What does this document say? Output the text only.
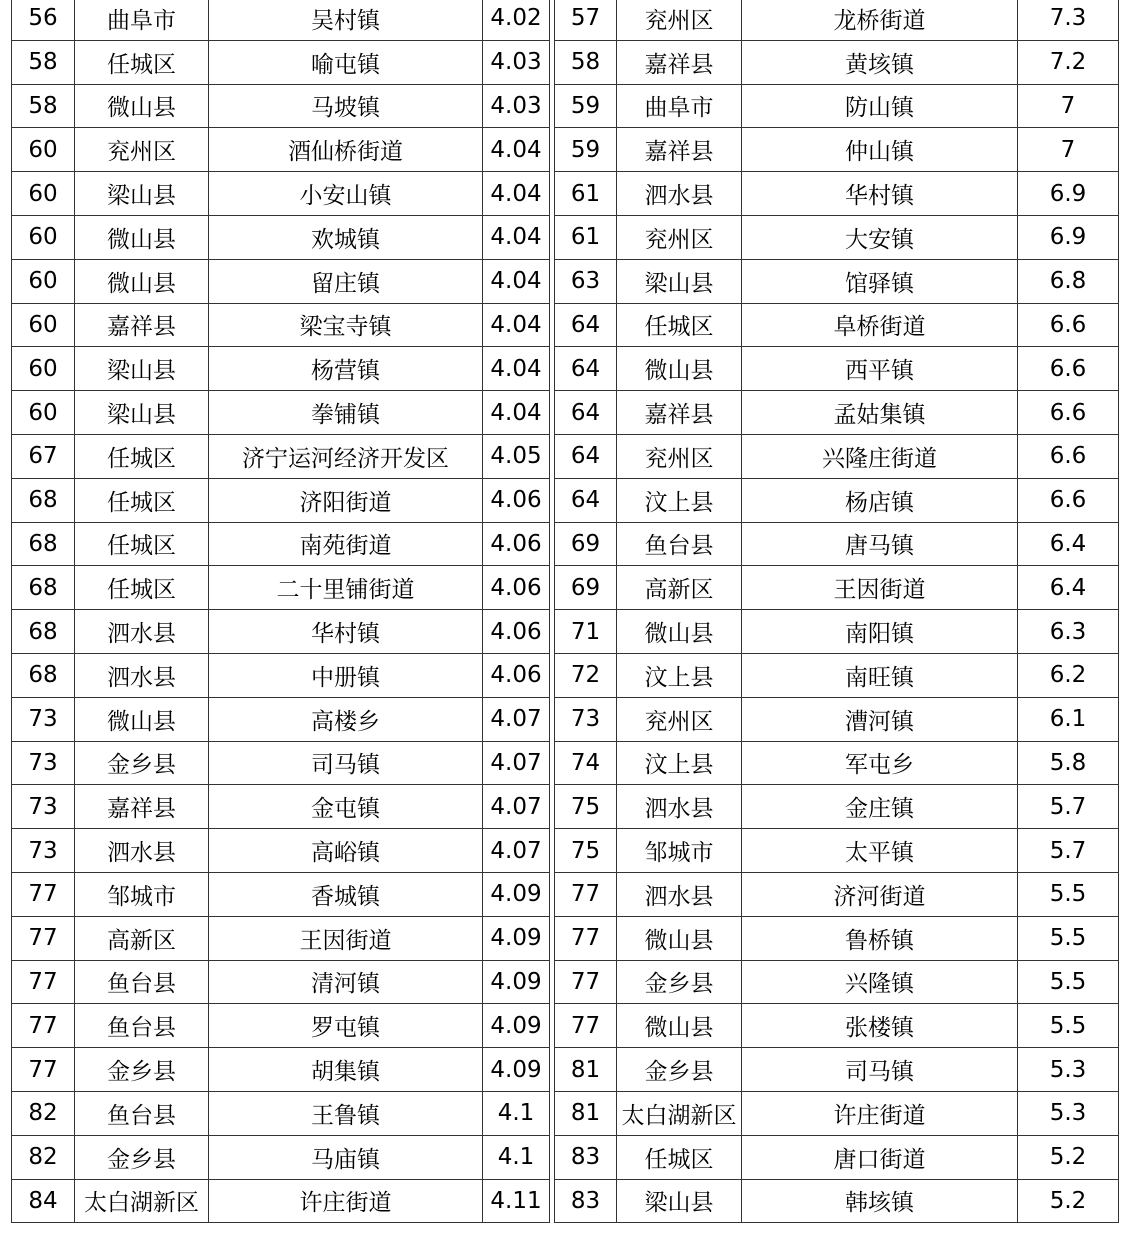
56	曲阜市	吴村镇	4.02
58	任城区	喻屯镇	4.03
58	微山县	马坡镇	4.03
60	兖州区	酒仙桥街道	4.04
60	梁山县	小安山镇	4.04
60	微山县	欢城镇	4.04
60	微山县	留庄镇	4.04
60	嘉祥县	梁宝寺镇	4.04
60	梁山县	杨营镇	4.04
60	梁山县	拳铺镇	4.04
67	任城区	济宁运河经济开发区	4.05
68	任城区	济阳街道	4.06
68	任城区	南苑街道	4.06
68	任城区	二十里铺街道	4.06
68	泗水县	华村镇	4.06
68	泗水县	中册镇	4.06
73	微山县	高楼乡	4.07
73	金乡县	司马镇	4.07
73	嘉祥县	金屯镇	4.07
73	泗水县	高峪镇	4.07
77	邹城市	香城镇	4.09
77	高新区	王因街道	4.09
77	鱼台县	清河镇	4.09
77	鱼台县	罗屯镇	4.09
77	金乡县	胡集镇	4.09
82	鱼台县	王鲁镇	4.1
82	金乡县	马庙镇	4.1
84	太白湖新区	许庄街道	4.11
57	兖州区	龙桥街道	7.3
58	嘉祥县	黄垓镇	7.2
59	曲阜市	防山镇	7
59	嘉祥县	仲山镇	7
61	泗水县	华村镇	6.9
61	兖州区	大安镇	6.9
63	梁山县	馆驿镇	6.8
64	任城区	阜桥街道	6.6
64	微山县	西平镇	6.6
64	嘉祥县	孟姑集镇	6.6
64	兖州区	兴隆庄街道	6.6
64	汶上县	杨店镇	6.6
69	鱼台县	唐马镇	6.4
69	高新区	王因街道	6.4
71	微山县	南阳镇	6.3
72	汶上县	南旺镇	6.2
73	兖州区	漕河镇	6.1
74	汶上县	军屯乡	5.8
75	泗水县	金庄镇	5.7
75	邹城市	太平镇	5.7
77	泗水县	济河街道	5.5
77	微山县	鲁桥镇	5.5
77	金乡县	兴隆镇	5.5
77	微山县	张楼镇	5.5
81	金乡县	司马镇	5.3
81	太白湖新区	许庄街道	5.3
83	任城区	唐口街道	5.2
83	梁山县	韩垓镇	5.2
